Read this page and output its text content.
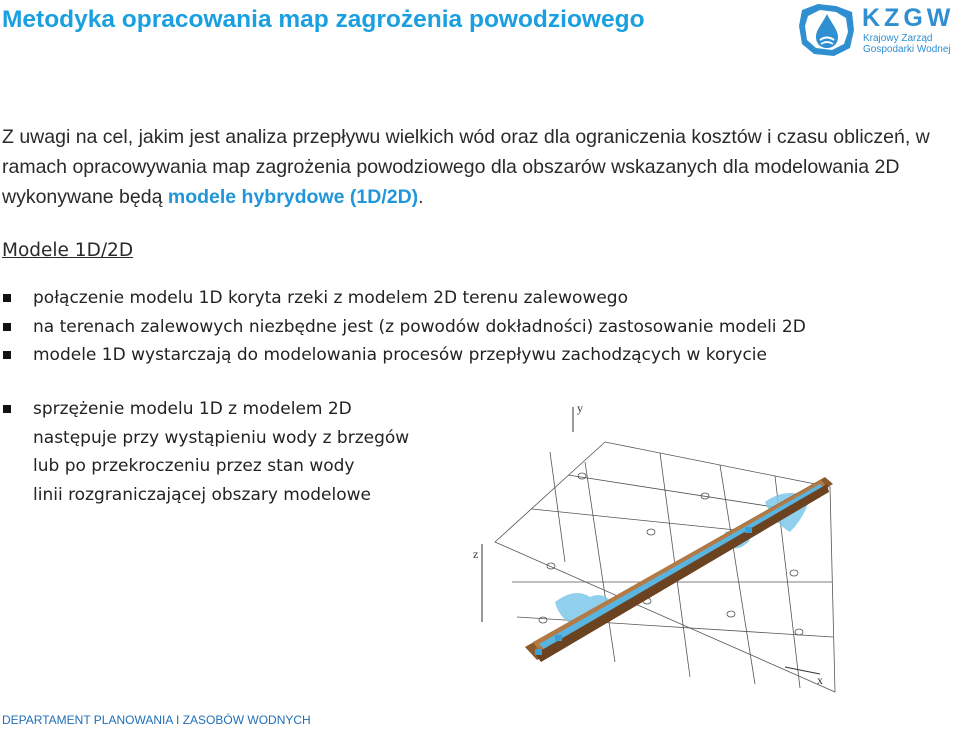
Metodyka opracowania map zagrożenia powodziowego	KZGW
Krajowy Zarząd
Gospodarki Wodnej
Z uwagi na cel, jakim jest analiza przepływu wielkich wód oraz dla ograniczenia kosztów i czasu obliczeń, w ramach opracowywania map zagrożenia powodziowego dla obszarów wskazanych dla modelowania 2D wykonywane będą modele hybrydowe (1D/2D).
Modele 1D/2D
połączenie modelu 1D koryta rzeki z modelem 2D terenu zalewowego
na terenach zalewowych niezbędne jest (z powodów dokładności) zastosowanie modeli 2D
modele 1D wystarczają do modelowania procesów przepływu zachodzących w korycie
sprzężenie modelu 1D z modelem 2D
następuje przy wystąpieniu wody z brzegów
lub po przekroczeniu przez stan wody
linii rozgraniczającej obszary modelowe
y
z
x
DEPARTAMENT PLANOWANIA I ZASOBÓW WODNYCH
